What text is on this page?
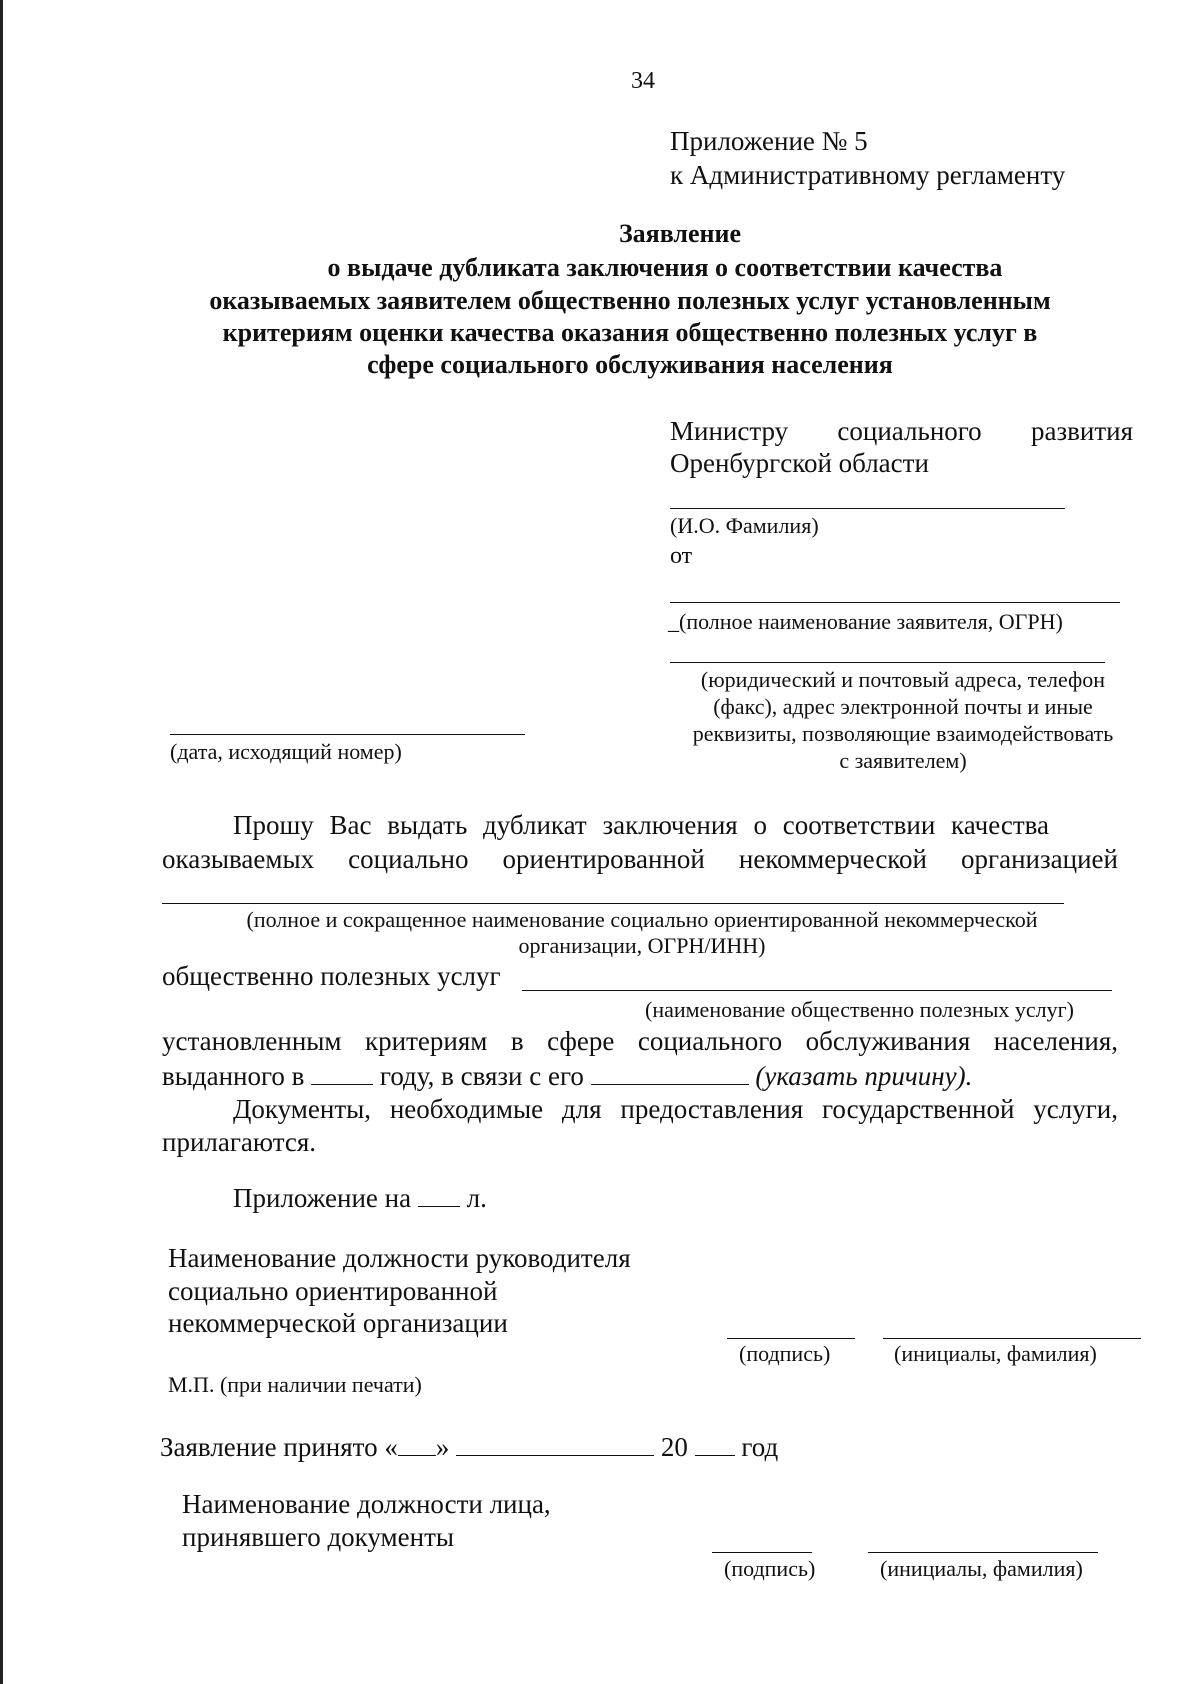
34
Приложение № 5
к Административному регламенту
Заявление
о выдаче дубликата заключения о соответствии качества
оказываемых заявителем общественно полезных услуг установленным
критериям оценки качества оказания общественно полезных услуг в
сфере социального обслуживания населения
Министру социального развития
Оренбургской области
(И.О. Фамилия)
от
_(полное наименование заявителя, ОГРН)
(юридический и почтовый адреса, телефон
(факс), адрес электронной почты и иные
реквизиты, позволяющие взаимодействовать
с заявителем)
(дата, исходящий номер)
Прошу Вас выдать дубликат заключения о соответствии качества
оказываемых социально ориентированной некоммерческой организацией
(полное и сокращенное наименование социально ориентированной некоммерческой
организации, ОГРН/ИНН)
общественно полезных услуг
(наименование общественно полезных услуг)
установленным критериям в сфере социального обслуживания населения,
выданного в	году, в связи с его	(указать причину).
Документы, необходимые для предоставления государственной услуги,
прилагаются.
Приложение на л.
Наименование должности руководителя
социально ориентированной
некоммерческой организации
(подпись)	(инициалы, фамилия)
М.П. (при наличии печати)
Заявление принято « »	20 год
Наименование должности лица,
принявшего документы
(подпись)	(инициалы, фамилия)
